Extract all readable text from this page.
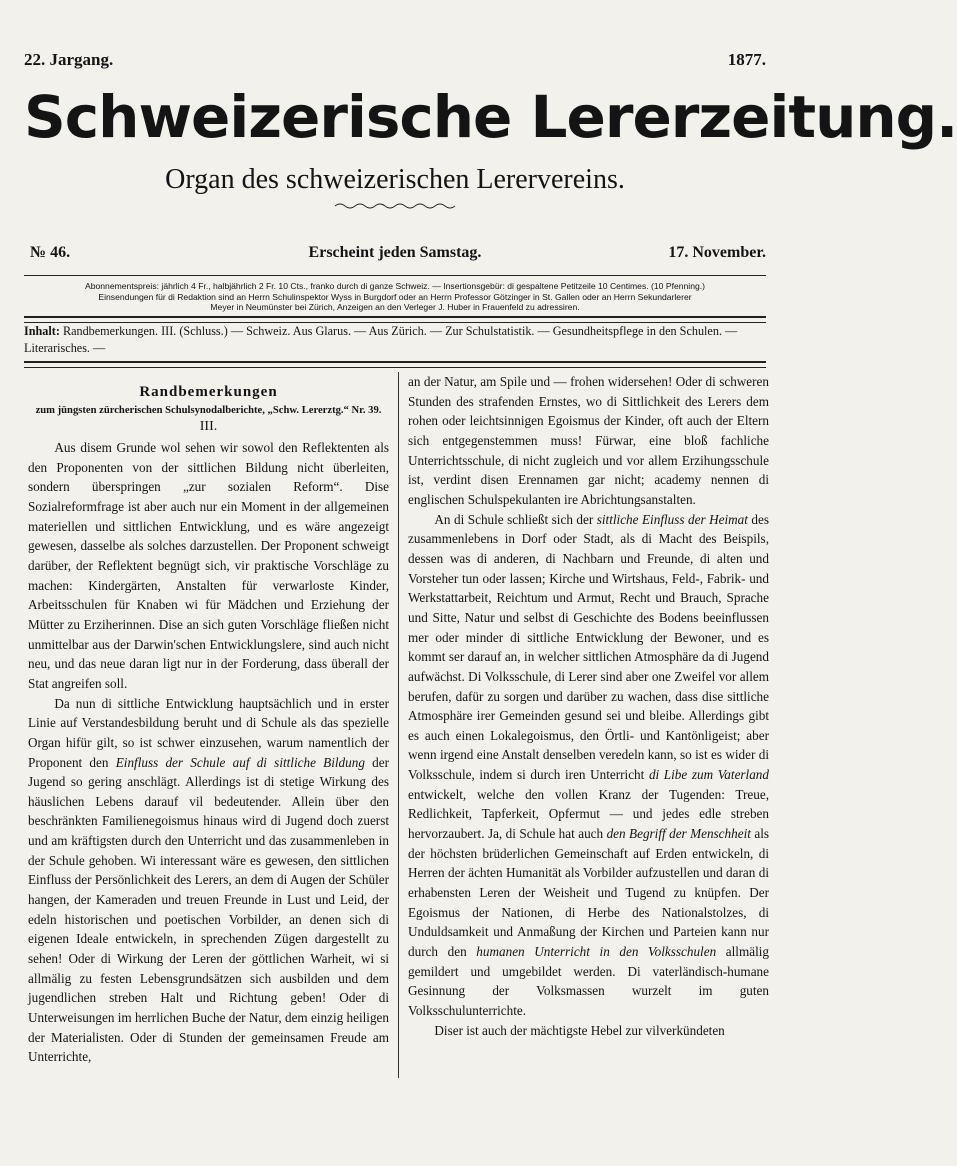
22. Jargang.	1877.
Schweizerische Lererzeitung.
Organ des schweizerischen Lerervereins.
№ 46.	Erscheint jeden Samstag.	17. November.
Abonnementspreis: jährlich 4 Fr., halbjährlich 2 Fr. 10 Cts., franko durch di ganze Schweiz. — Insertionsgebür: di gespaltene Petitzeile 10 Centimes. (10 Pfenning.)
Einsendungen für di Redaktion sind an Herrn Schulinspektor Wyss in Burgdorf oder an Herrn Professor Götzinger in St. Gallen oder an Herrn Sekundarlerer
Meyer in Neumünster bei Zürich, Anzeigen an den Verleger J. Huber in Frauenfeld zu adressiren.
Inhalt: Randbemerkungen. III. (Schluss.) — Schweiz. Aus Glarus. — Aus Zürich. — Zur Schulstatistik. — Gesundheitspflege in den Schulen. — Literarisches. —
Randbemerkungen
zum jüngsten zürcherischen Schulsynodalberichte, „Schw. Lererztg.“ Nr. 39.
III.

Aus disem Grunde wol sehen wir sowol den Reflektenten als den Proponenten von der sittlichen Bildung nicht überleiten, sondern überspringen „zur sozialen Reform“. Dise Sozialreformfrage ist aber auch nur ein Moment in der allgemeinen materiellen und sittlichen Entwicklung, und es wäre angezeigt gewesen, dasselbe als solches darzustellen. Der Proponent schweigt darüber, der Reflektent begnügt sich, vir praktische Vorschläge zu machen: Kindergärten, Anstalten für verwarloste Kinder, Arbeitsschulen für Knaben wi für Mädchen und Erziehung der Mütter zu Erziherinnen. Dise an sich guten Vorschläge fließen nicht unmittelbar aus der Darwin'schen Entwicklungslere, sind auch nicht neu, und das neue daran ligt nur in der Forderung, dass überall der Stat angreifen soll.

Da nun di sittliche Entwicklung hauptsächlich und in erster Linie auf Verstandesbildung beruht und di Schule als das spezielle Organ hifür gilt, so ist schwer einzusehen, warum namentlich der Proponent den Einfluss der Schule auf di sittliche Bildung der Jugend so gering anschlägt. Allerdings ist di stetige Wirkung des häuslichen Lebens darauf vil bedeutender. Allein über den beschränkten Familienegoismus hinaus wird di Jugend doch zuerst und am kräftigsten durch den Unterricht und das zusammenleben in der Schule gehoben. Wi interessant wäre es gewesen, den sittlichen Einfluss der Persönlichkeit des Lerers, an dem di Augen der Schüler hangen, der Kameraden und treuen Freunde in Lust und Leid, der edeln historischen und poetischen Vorbilder, an denen sich di eigenen Ideale entwickeln, in sprechenden Zügen dargestellt zu sehen! Oder di Wirkung der Leren der göttlichen Warheit, wi si allmälig zu festen Lebensgrundsätzen sich ausbilden und dem jugendlichen streben Halt und Richtung geben! Oder di Unterweisungen im herrlichen Buche der Natur, dem einzig heiligen der Materialisten. Oder di Stunden der gemeinsamen Freude am Unterrichte,

an der Natur, am Spile und — frohen widersehen! Oder di schweren Stunden des strafenden Ernstes, wo di Sittlichkeit des Lerers dem rohen oder leichtsinnigen Egoismus der Kinder, oft auch der Eltern sich entgegenstemmen muss! Fürwar, eine bloß fachliche Unterrichtsschule, di nicht zugleich und vor allem Erzihungsschule ist, verdint disen Erennamen gar nicht; academy nennen di englischen Schulspekulanten ire Abrichtungsanstalten.

An di Schule schließt sich der sittliche Einfluss der Heimat des zusammenlebens in Dorf oder Stadt, als di Macht des Beispils, dessen was di anderen, di Nachbarn und Freunde, di alten und Vorsteher tun oder lassen; Kirche und Wirtshaus, Feld-, Fabrik- und Werkstattarbeit, Reichtum und Armut, Recht und Brauch, Sprache und Sitte, Natur und selbst di Geschichte des Bodens beeinflussen mer oder minder di sittliche Entwicklung der Bewoner, und es kommt ser darauf an, in welcher sittlichen Atmosphäre da di Jugend aufwächst. Di Volksschule, di Lerer sind aber one Zweifel vor allem berufen, dafür zu sorgen und darüber zu wachen, dass dise sittliche Atmosphäre irer Gemeinden gesund sei und bleibe. Allerdings gibt es auch einen Lokalegoismus, den Örtli- und Kantönligeist; aber wenn irgend eine Anstalt denselben veredeln kann, so ist es wider di Volksschule, indem si durch iren Unterricht di Libe zum Vaterland entwickelt, welche den vollen Kranz der Tugenden: Treue, Redlichkeit, Tapferkeit, Opfermut — und jedes edle streben hervorzaubert. Ja, di Schule hat auch den Begriff der Menschheit als der höchsten brüderlichen Gemeinschaft auf Erden entwickeln, di Herren der ächten Humanität als Vorbilder aufzustellen und daran di erhabensten Leren der Weisheit und Tugend zu knüpfen. Der Egoismus der Nationen, di Herbe des Nationalstolzes, di Unduldsamkeit und Anmaßung der Kirchen und Parteien kann nur durch den humanen Unterricht in den Volksschulen allmälig gemildert und umgebildet werden. Di vaterländisch-humane Gesinnung der Volksmassen wurzelt im guten Volksschulunterrichte.

Diser ist auch der mächtigste Hebel zur vilverkündeten
